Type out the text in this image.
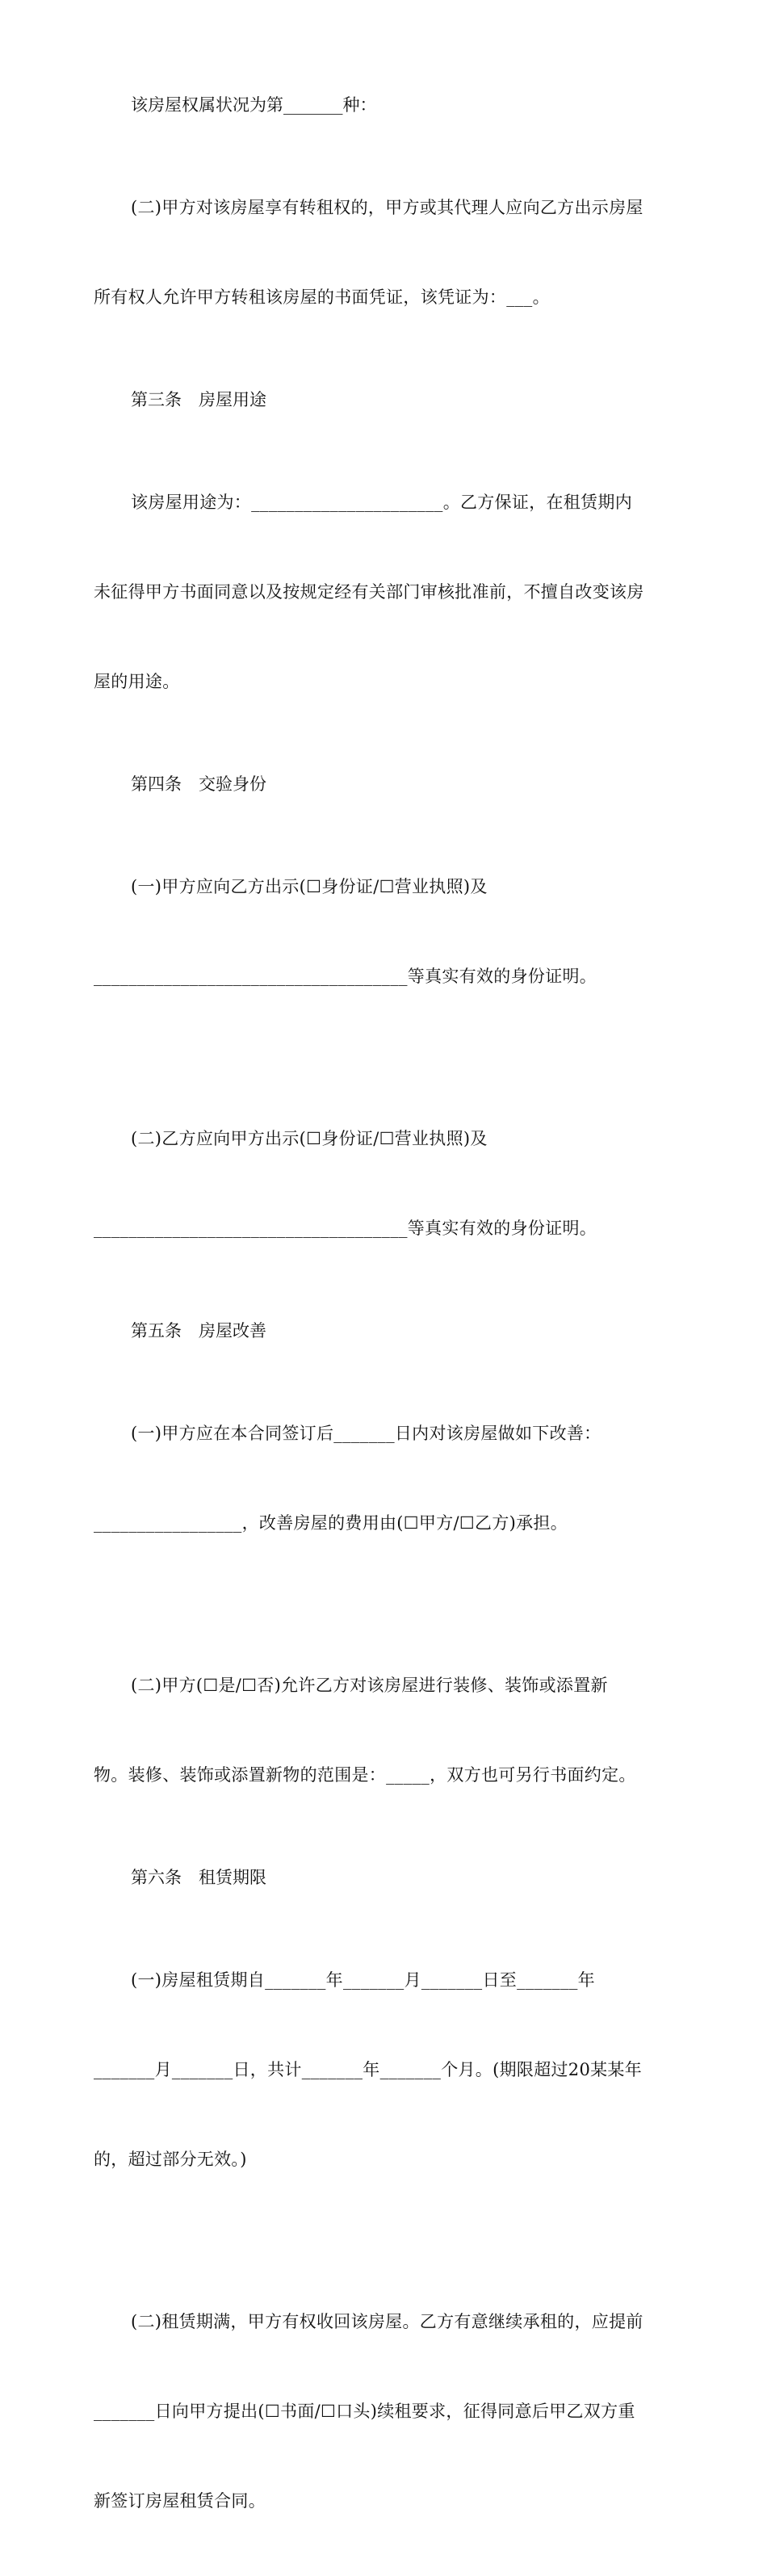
该房屋权属状况为第_______种：

(二)甲方对该房屋享有转租权的，甲方或其代理人应向乙方出示房屋

所有权人允许甲方转租该房屋的书面凭证，该凭证为：___。

第三条　房屋用途

该房屋用途为：______________________。乙方保证，在租赁期内

未征得甲方书面同意以及按规定经有关部门审核批准前，不擅自改变该房

屋的用途。

第四条　交验身份

(一)甲方应向乙方出示(☐身份证/☐营业执照)及

____________________________________等真实有效的身份证明。

(二)乙方应向甲方出示(☐身份证/☐营业执照)及

____________________________________等真实有效的身份证明。

第五条　房屋改善

(一)甲方应在本合同签订后_______日内对该房屋做如下改善：

_________________，改善房屋的费用由(☐甲方/☐乙方)承担。

(二)甲方(☐是/☐否)允许乙方对该房屋进行装修、装饰或添置新

物。装修、装饰或添置新物的范围是：_____，双方也可另行书面约定。

第六条　租赁期限

(一)房屋租赁期自_______年_______月_______日至_______年

_______月_______日，共计_______年_______个月。(期限超过20某某年

的，超过部分无效。)

(二)租赁期满，甲方有权收回该房屋。乙方有意继续承租的，应提前

_______日向甲方提出(☐书面/☐口头)续租要求，征得同意后甲乙双方重

新签订房屋租赁合同。
